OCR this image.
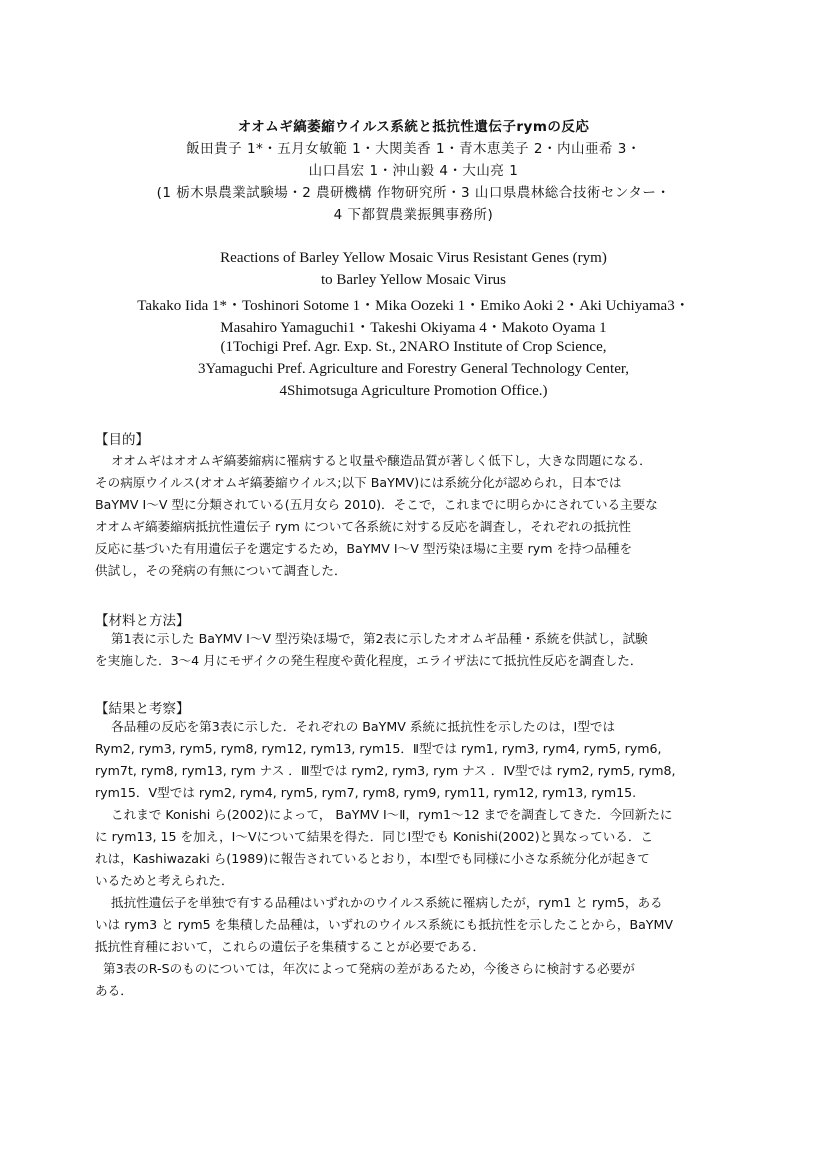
オオムギ縞萎縮ウイルス系統と抵抗性遺伝子rymの反応
飯田貴子 1*・五月女敏範 1・大関美香 1・青木恵美子 2・内山亜希 3・
山口昌宏 1・沖山毅 4・大山亮 1
(1 栃木県農業試験場・2 農研機構 作物研究所・3 山口県農林総合技術センター・
4 下都賀農業振興事務所)
Reactions of Barley Yellow Mosaic Virus Resistant Genes (rym)
to Barley Yellow Mosaic Virus
Takako Iida 1*・Toshinori Sotome 1・Mika Oozeki 1・Emiko Aoki 2・Aki Uchiyama3・
Masahiro Yamaguchi1・Takeshi Okiyama 4・Makoto Oyama 1
(1Tochigi Pref. Agr. Exp. St., 2NARO Institute of Crop Science,
3Yamaguchi Pref. Agriculture and Forestry General Technology Center,
4Shimotsuga Agriculture Promotion Office.)
【目的】
オオムギはオオムギ縞萎縮病に罹病すると収量や醸造品質が著しく低下し，大きな問題になる．
その病原ウイルス(オオムギ縞萎縮ウイルス;以下 BaYMV)には系統分化が認められ，日本では
BaYMV Ⅰ～Ⅴ 型に分類されている(五月女ら 2010)．そこで，これまでに明らかにされている主要な
オオムギ縞萎縮病抵抗性遺伝子 rym について各系統に対する反応を調査し，それぞれの抵抗性
反応に基づいた有用遺伝子を選定するため，BaYMV Ⅰ～Ⅴ 型汚染ほ場に主要 rym を持つ品種を
供試し，その発病の有無について調査した．
【材料と方法】
第1表に示した BaYMV Ⅰ～Ⅴ 型汚染ほ場で，第2表に示したオオムギ品種・系統を供試し，試験
を実施した．3～4 月にモザイクの発生程度や黄化程度，エライザ法にて抵抗性反応を調査した．
【結果と考察】
各品種の反応を第3表に示した．それぞれの BaYMV 系統に抵抗性を示したのは，Ⅰ型では
Rym2, rym3, rym5, rym8, rym12, rym13, rym15．Ⅱ型では rym1, rym3, rym4, rym5, rym6,
rym7t, rym8, rym13, rym ナス ．Ⅲ型では rym2, rym3, rym ナス ．Ⅳ型では rym2, rym5, rym8,
rym15．Ⅴ型では rym2, rym4, rym5, rym7, rym8, rym9, rym11, rym12, rym13, rym15.
これまで Konishi ら(2002)によって， BaYMV Ⅰ～Ⅱ，rym1～12 までを調査してきた．今回新たに
に rym13, 15 を加え，Ⅰ～Ⅴについて結果を得た．同じⅠ型でも Konishi(2002)と異なっている．こ
れは，Kashiwazaki ら(1989)に報告されているとおり，本Ⅰ型でも同様に小さな系統分化が起きて
いるためと考えられた．
抵抗性遺伝子を単独で有する品種はいずれかのウイルス系統に罹病したが，rym1 と rym5，ある
いは rym3 と rym5 を集積した品種は，いずれのウイルス系統にも抵抗性を示したことから，BaYMV
抵抗性育種において，これらの遺伝子を集積することが必要である．
第3表のR-Sのものについては，年次によって発病の差があるため，今後さらに検討する必要が
ある．
